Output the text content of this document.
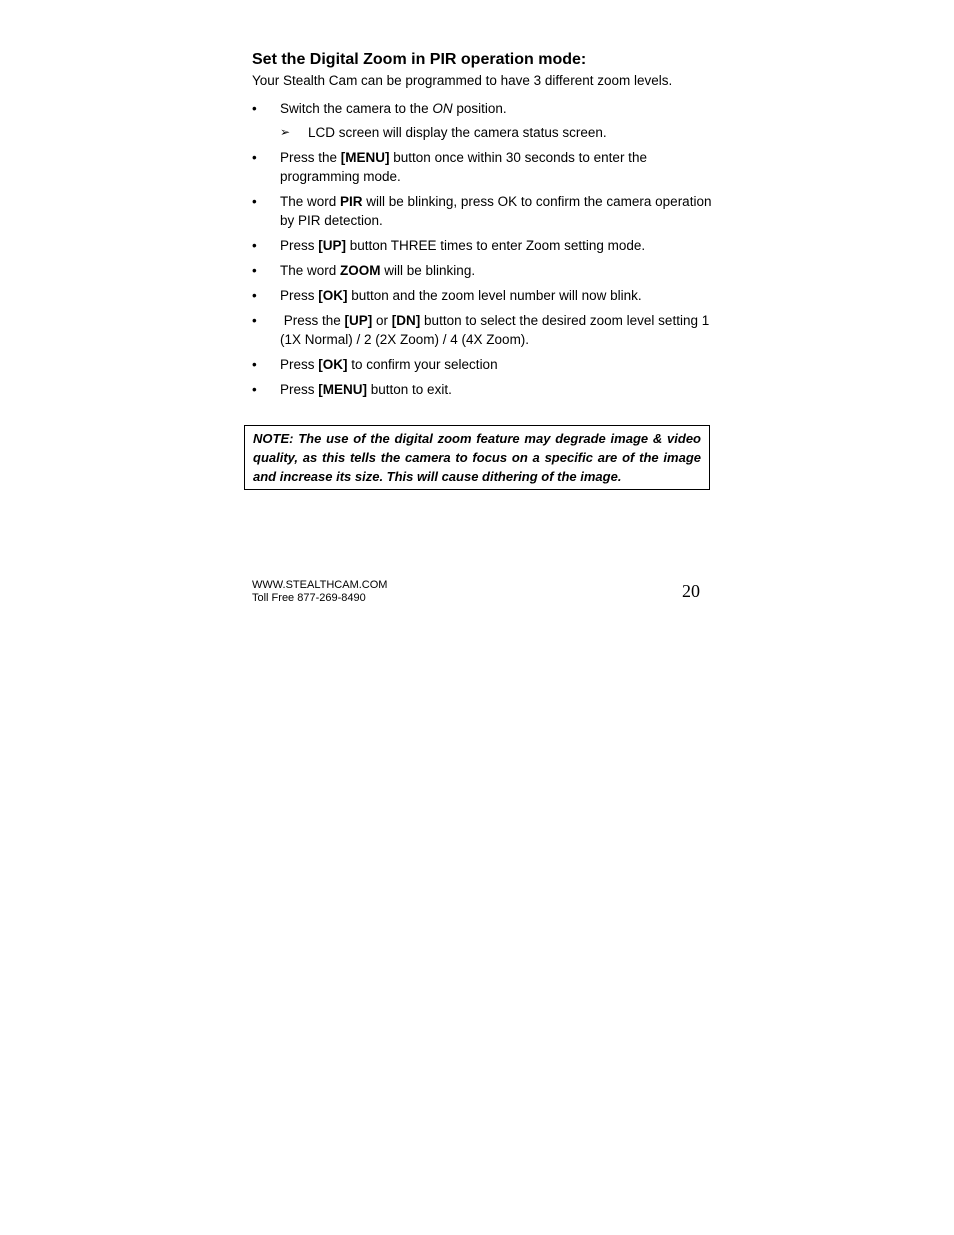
Set the Digital Zoom in PIR operation mode:

Your Stealth Cam can be programmed to have 3 different zoom levels.

•	Switch the camera to the ON position.
➢ LCD screen will display the camera status screen.
•	Press the [MENU] button once within 30 seconds to enter the programming mode.
•	The word PIR will be blinking, press OK to confirm the camera operation by PIR detection.
•	Press [UP] button THREE times to enter Zoom setting mode.
•	The word ZOOM will be blinking.
•	Press [OK] button and the zoom level number will now blink.
•	Press the [UP] or [DN] button to select the desired zoom level setting 1 (1X Normal) / 2 (2X Zoom) / 4 (4X Zoom).
•	Press [OK] to confirm your selection
•	Press [MENU] button to exit.
NOTE: The use of the digital zoom feature may degrade image & video quality, as this tells the camera to focus on a specific are of the image and increase its size. This will cause dithering of the image.
WWW.STEALTHCAM.COM
Toll Free 877-269-8490	20
